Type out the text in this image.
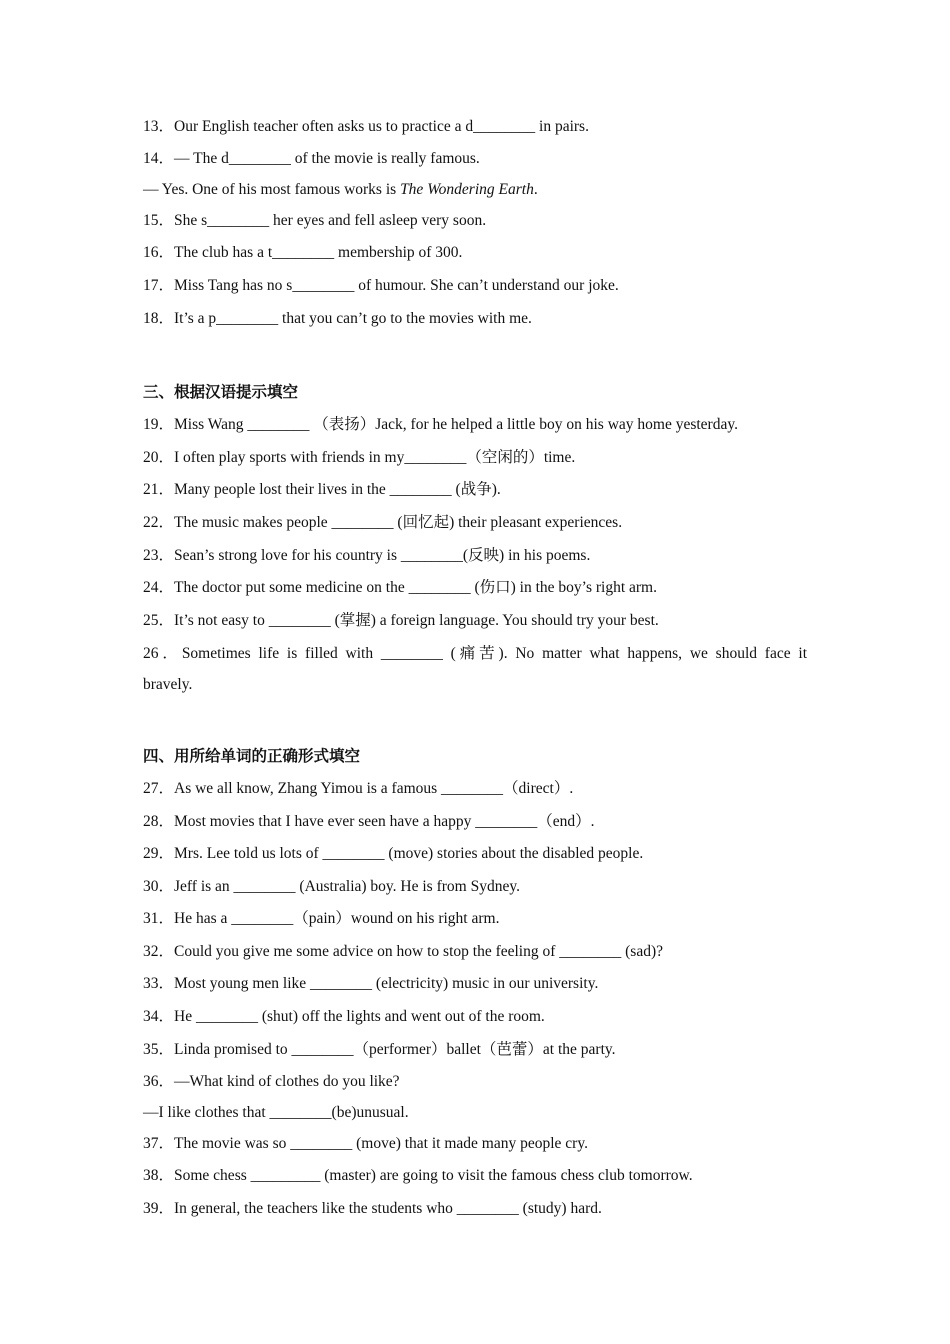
13．Our English teacher often asks us to practice a d________ in pairs.
14．— The d________ of the movie is really famous.
— Yes. One of his most famous works is The Wondering Earth.
15．She s________ her eyes and fell asleep very soon.
16．The club has a t________ membership of 300.
17．Miss Tang has no s________ of humour. She can’t understand our joke.
18．It’s a p________ that you can’t go to the movies with me.
三、根据汉语提示填空
19．Miss Wang ________ （表扬）Jack, for he helped a little boy on his way home yesterday.
20．I often play sports with friends in my________（空闲的）time.
21．Many people lost their lives in the ________ (战争).
22．The music makes people ________ (回忆起) their pleasant experiences.
23．Sean’s strong love for his country is ________(反映) in his poems.
24．The doctor put some medicine on the ________ (伤口) in the boy’s right arm.
25．It’s not easy to ________ (掌握) a foreign language. You should try your best.
26．Sometimes life is filled with ________ (痛苦). No matter what happens, we should face it
bravely.
四、用所给单词的正确形式填空
27．As we all know, Zhang Yimou is a famous ________（direct）.
28．Most movies that I have ever seen have a happy ________（end）.
29．Mrs. Lee told us lots of ________ (move) stories about the disabled people.
30．Jeff is an ________ (Australia) boy. He is from Sydney.
31．He has a ________（pain）wound on his right arm.
32．Could you give me some advice on how to stop the feeling of ________ (sad)?
33．Most young men like ________ (electricity) music in our university.
34．He ________ (shut) off the lights and went out of the room.
35．Linda promised to ________（performer）ballet（芭蕾）at the party.
36．—What kind of clothes do you like?
—I like clothes that ________(be)unusual.
37．The movie was so ________ (move) that it made many people cry.
38．Some chess _________ (master) are going to visit the famous chess club tomorrow.
39．In general, the teachers like the students who ________ (study) hard.
